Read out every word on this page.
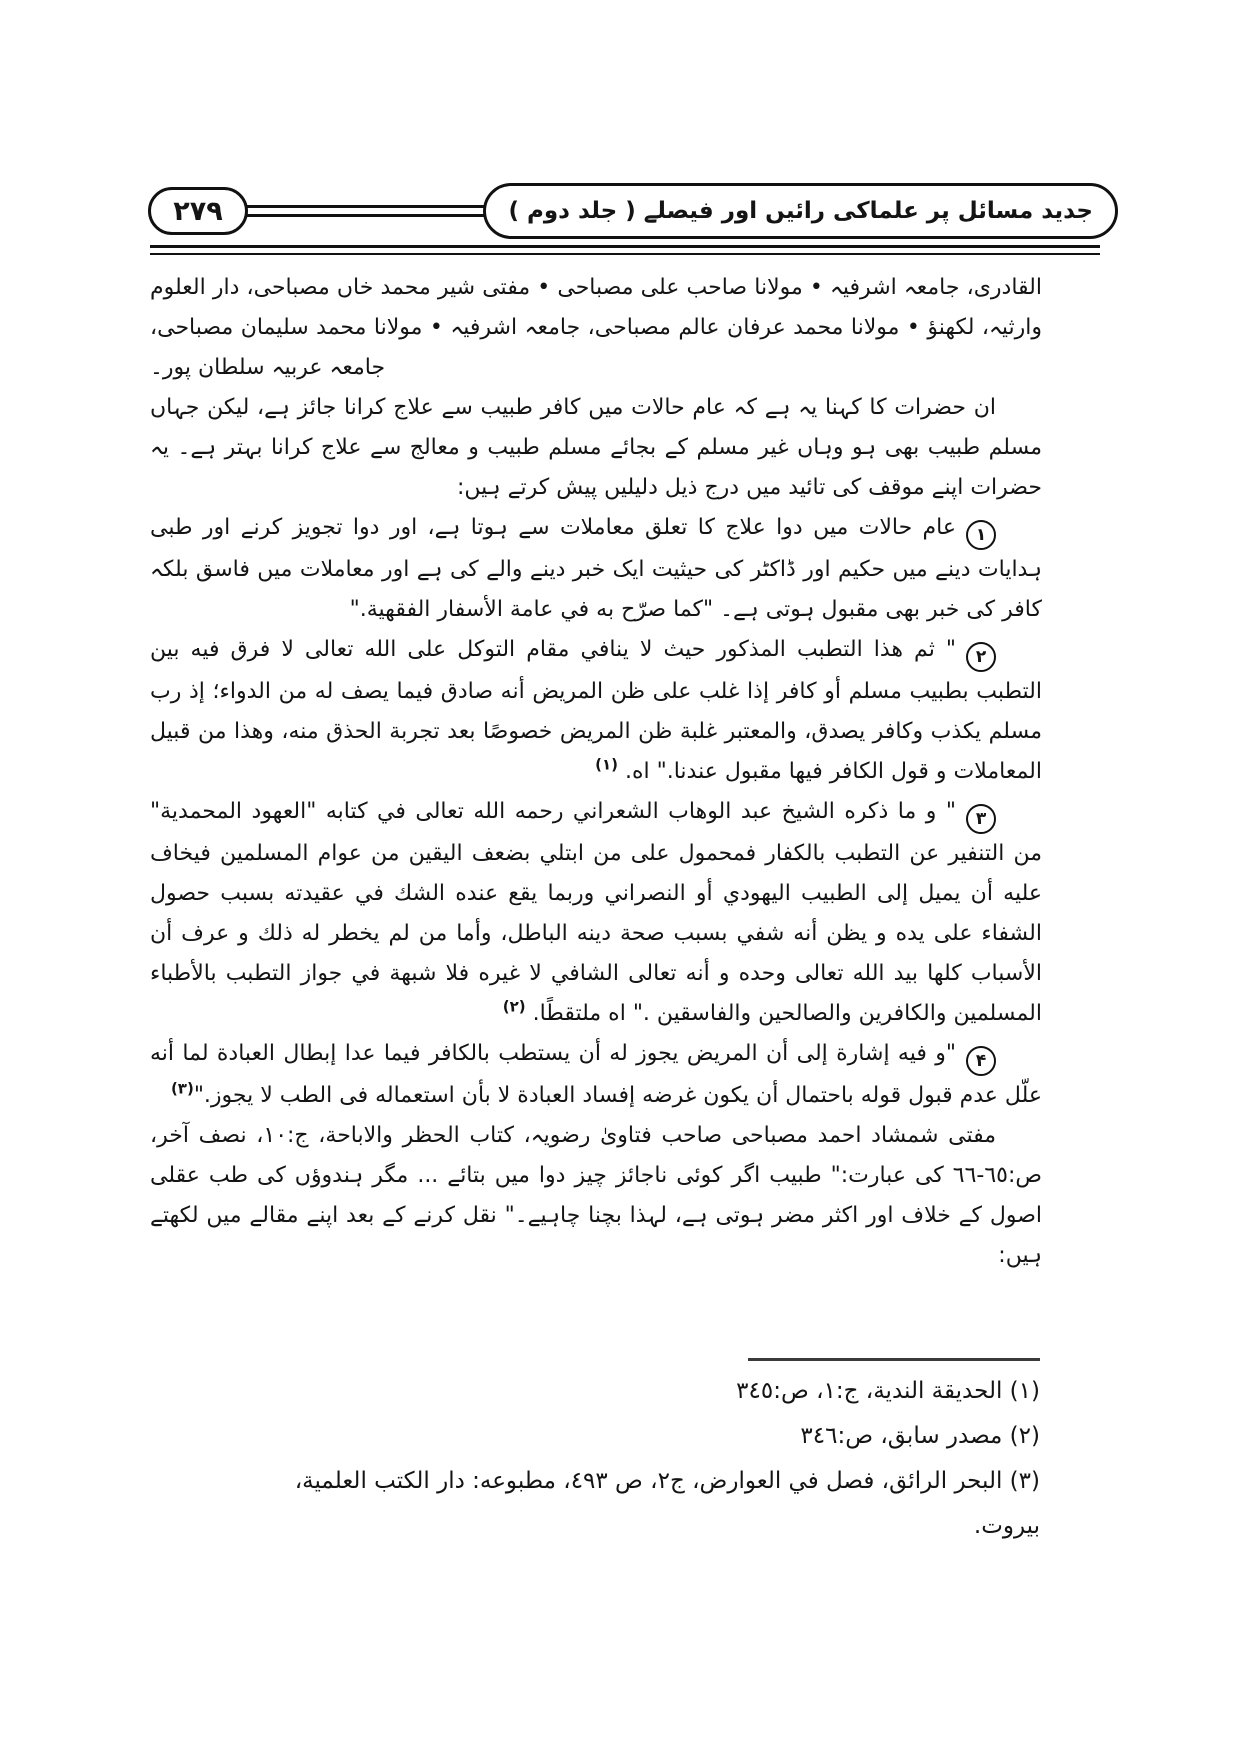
۲۷۹	جدید مسائل پر علماکی رائیں اور فیصلے ( جلد دوم )

القادری، جامعہ اشرفیہ • مولانا صاحب علی مصباحی • مفتی شیر محمد خاں مصباحی، دار العلوم وارثیہ، لکھنؤ • مولانا محمد عرفان عالم مصباحی، جامعہ اشرفیہ • مولانا محمد سلیمان مصباحی، جامعہ عربیہ سلطان پور۔

ان حضرات کا کہنا یہ ہے کہ عام حالات میں کافر طبیب سے علاج کرانا جائز ہے، لیکن جہاں مسلم طبیب بھی ہو وہاں غیر مسلم کے بجائے مسلم طبیب و معالج سے علاج کرانا بہتر ہے۔ یہ حضرات اپنے موقف کی تائید میں درج ذیل دلیلیں پیش کرتے ہیں:

۱عام حالات میں دوا علاج کا تعلق معاملات سے ہوتا ہے، اور دوا تجویز کرنے اور طبی ہدایات دینے میں حکیم اور ڈاکٹر کی حیثیت ایک خبر دینے والے کی ہے اور معاملات میں فاسق بلکہ کافر کی خبر بھی مقبول ہوتی ہے۔ "كما صرّح به في عامة الأسفار الفقهية."

۲" ثم هذا التطبب المذكور حيث لا ينافي مقام التوكل على الله تعالى لا فرق فيه بين التطبب بطبيب مسلم أو كافر إذا غلب على ظن المريض أنه صادق فيما يصف له من الدواء؛ إذ رب مسلم يكذب وكافر يصدق، والمعتبر غلبة ظن المريض خصوصًا بعد تجربة الحذق منه، وهذا من قبيل المعاملات و قول الكافر فيها مقبول عندنا." اه. $^{(١)}$

۳" و ما ذكره الشيخ عبد الوهاب الشعراني رحمه الله تعالى في كتابه "العهود المحمدية" من التنفير عن التطبب بالكفار فمحمول على من ابتلي بضعف اليقين من عوام المسلمين فيخاف عليه أن يميل إلى الطبيب اليهودي أو النصراني وربما يقع عنده الشك في عقيدته بسبب حصول الشفاء على يده و يظن أنه شفي بسبب صحة دينه الباطل، وأما من لم يخطر له ذلك و عرف أن الأسباب كلها بيد الله تعالى وحده و أنه تعالى الشافي لا غيره فلا شبهة في جواز التطبب بالأطباء المسلمين والكافرين والصالحين والفاسقين ." اه ملتقطًا. $^{(٢)}$

۴"و فيه إشارة إلى أن المريض يجوز له أن يستطب بالكافر فيما عدا إبطال العبادة لما أنه علّل عدم قبول قوله باحتمال أن يكون غرضه إفساد العبادة لا بأن استعماله فى الطب لا يجوز."$^{(٣)}$

مفتی شمشاد احمد مصباحی صاحب فتاویٰ رضویہ، کتاب الحظر والاباحة، ج:١٠، نصف آخر، ص:٦٥-٦٦ کی عبارت:" طبیب اگر کوئی ناجائز چیز دوا میں بتائے ... مگر ہندوؤں کی طب عقلی اصول کے خلاف اور اکثر مضر ہوتی ہے، لہذا بچنا چاہیے۔" نقل کرنے کے بعد اپنے مقالے میں لکھتے ہیں:

(١) الحديقة الندية، ج:١، ص:٣٤٥

(٢) مصدر سابق، ص:٣٤٦

(٣) البحر الرائق، فصل في العوارض، ج٢، ص ٤٩٣، مطبوعه: دار الكتب العلمية، بيروت.
